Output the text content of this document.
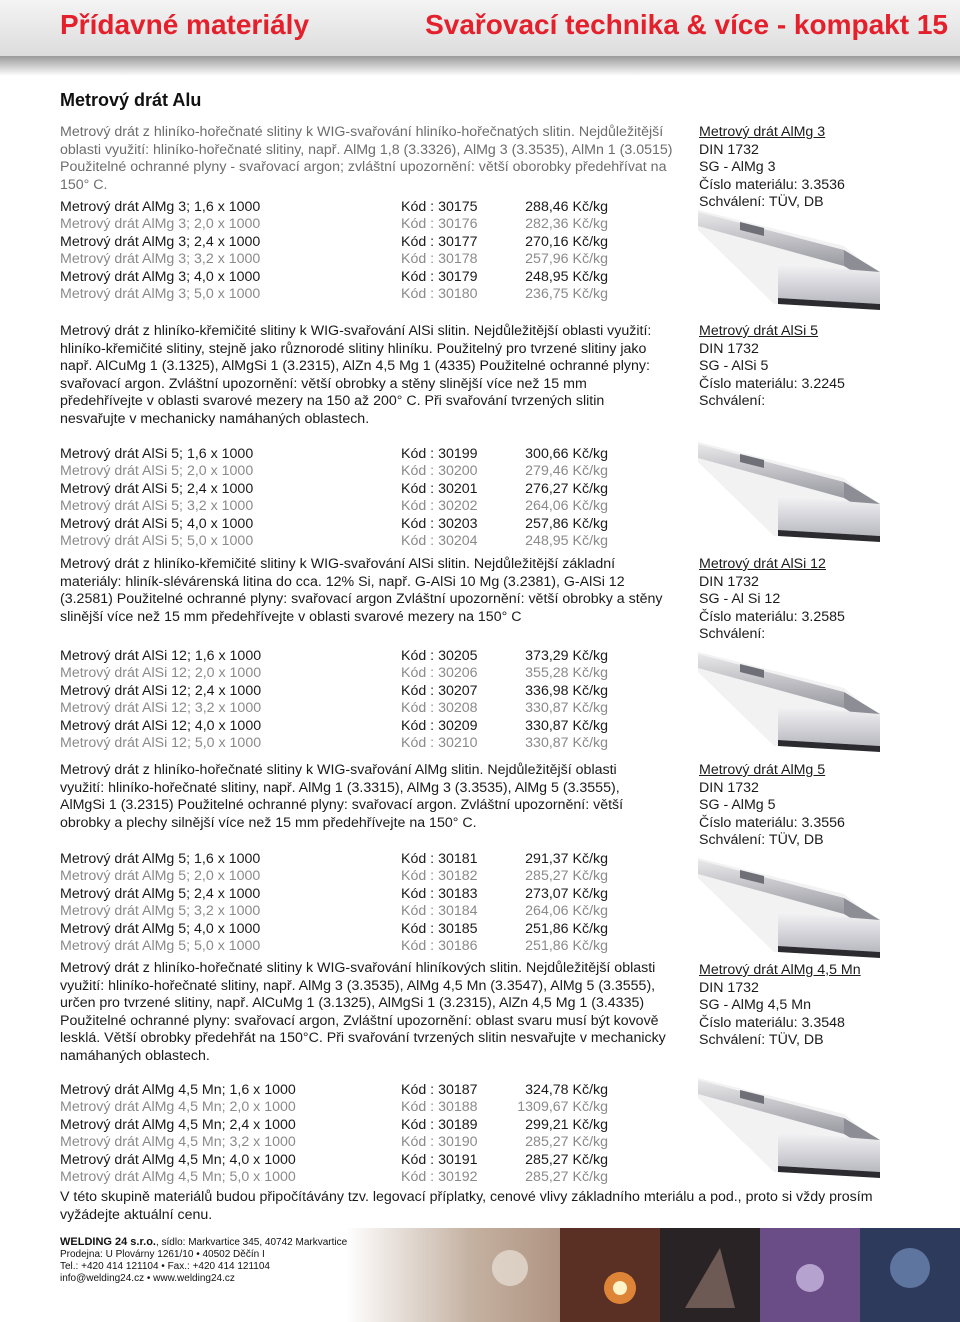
Přídavné materiály	Svařovací technika & více - kompakt 15
Metrový drát Alu
Metrový drát z hliníko-hořečnaté slitiny k WIG-svařování hliníko-hořečnatých slitin. Nejdůležitější oblasti využití: hliníko-hořečnaté slitiny, např. AlMg 1,8 (3.3326), AlMg 3 (3.3535), AlMn 1 (3.0515) Použitelné ochranné plyny - svařovací argon; zvláštní upozornění: větší oborobky předehřívat na 150° C.
Metrový drát AlMg 3; 1,6 x 1000	Kód : 30175	288,46 Kč/kg
Metrový drát AlMg 3; 2,0 x 1000	Kód : 30176	282,36 Kč/kg
Metrový drát AlMg 3; 2,4 x 1000	Kód : 30177	270,16 Kč/kg
Metrový drát AlMg 3; 3,2 x 1000	Kód : 30178	257,96 Kč/kg
Metrový drát AlMg 3; 4,0 x 1000	Kód : 30179	248,95 Kč/kg
Metrový drát AlMg 3; 5,0 x 1000	Kód : 30180	236,75 Kč/kg
Metrový drát AlMg 3
DIN 1732
SG - AlMg 3
Číslo materiálu: 3.3536
Schválení: TÜV, DB
Metrový drát z hliníko-křemičité slitiny k WIG-svařování AlSi slitin. Nejdůležitější oblasti využití: hliníko-křemičité slitiny, stejně jako různorodé slitiny hliníku. Použitelný pro tvrzené slitiny jako např. AlCuMg 1 (3.1325), AlMgSi 1 (3.2315), AlZn 4,5 Mg 1 (4335) Použitelné ochranné plyny: svařovací argon. Zvláštní upozornění: větší obrobky a stěny slinější více než 15 mm předehřívejte v oblasti svarové mezery na 150 až 200° C. Při svařování tvrzených slitin nesvařujte v mechanicky namáhaných oblastech.
Metrový drát AlSi 5; 1,6 x 1000	Kód : 30199	300,66 Kč/kg
Metrový drát AlSi 5; 2,0 x 1000	Kód : 30200	279,46 Kč/kg
Metrový drát AlSi 5; 2,4 x 1000	Kód : 30201	276,27 Kč/kg
Metrový drát AlSi 5; 3,2 x 1000	Kód : 30202	264,06 Kč/kg
Metrový drát AlSi 5; 4,0 x 1000	Kód : 30203	257,86 Kč/kg
Metrový drát AlSi 5; 5,0 x 1000	Kód : 30204	248,95 Kč/kg
Metrový drát AlSi 5
DIN 1732
SG - AlSi 5
Číslo materiálu: 3.2245
Schválení:
Metrový drát z hliníko-křemičité slitiny k WIG-svařování AlSi slitin. Nejdůležitější základní materiály: hliník-slévárenská litina do cca. 12% Si, např. G-AlSi 10 Mg (3.2381), G-AlSi 12 (3.2581) Použitelné ochranné plyny: svařovací argon Zvláštní upozornění: větší obrobky a stěny slinější více než 15 mm předehřívejte v oblasti svarové mezery na 150° C
Metrový drát AlSi 12; 1,6 x 1000	Kód : 30205	373,29 Kč/kg
Metrový drát AlSi 12; 2,0 x 1000	Kód : 30206	355,28 Kč/kg
Metrový drát AlSi 12; 2,4 x 1000	Kód : 30207	336,98 Kč/kg
Metrový drát AlSi 12; 3,2 x 1000	Kód : 30208	330,87 Kč/kg
Metrový drát AlSi 12; 4,0 x 1000	Kód : 30209	330,87 Kč/kg
Metrový drát AlSi 12; 5,0 x 1000	Kód : 30210	330,87 Kč/kg
Metrový drát AlSi 12
DIN 1732
SG - Al Si 12
Číslo materiálu: 3.2585
Schválení:
Metrový drát z hliníko-hořečnaté slitiny k WIG-svařování AlMg slitin. Nejdůležitější oblasti využití: hliníko-hořečnaté slitiny, např. AlMg 1 (3.3315), AlMg 3 (3.3535), AlMg 5 (3.3555), AlMgSi 1 (3.2315) Použitelné ochranné plyny: svařovací argon. Zvláštní upozornění: větší obrobky a plechy silnější více než 15 mm předehřívejte na 150° C.
Metrový drát AlMg 5; 1,6 x 1000	Kód : 30181	291,37 Kč/kg
Metrový drát AlMg 5; 2,0 x 1000	Kód : 30182	285,27 Kč/kg
Metrový drát AlMg 5; 2,4 x 1000	Kód : 30183	273,07 Kč/kg
Metrový drát AlMg 5; 3,2 x 1000	Kód : 30184	264,06 Kč/kg
Metrový drát AlMg 5; 4,0 x 1000	Kód : 30185	251,86 Kč/kg
Metrový drát AlMg 5; 5,0 x 1000	Kód : 30186	251,86 Kč/kg
Metrový drát AlMg 5
DIN 1732
SG - AlMg 5
Číslo materiálu: 3.3556
Schválení: TÜV, DB
Metrový drát z hliníko-hořečnaté slitiny k WIG-svařování hliníkových slitin. Nejdůležitější oblasti využití: hliníko-hořečnaté slitiny, např. AlMg 3 (3.3535), AlMg 4,5 Mn (3.3547), AlMg 5 (3.3555), určen pro tvrzené slitiny, např. AlCuMg 1 (3.1325), AlMgSi 1 (3.2315), AlZn 4,5 Mg 1 (3.4335) Použitelné ochranné plyny: svařovací argon, Zvláštní upozornění: oblast svaru musí být kovově lesklá. Větší obrobky předehřát na 150°C. Při svařování tvrzených slitin nesvařujte v mechanicky namáhaných oblastech.
Metrový drát AlMg 4,5 Mn; 1,6 x 1000	Kód : 30187	324,78 Kč/kg
Metrový drát AlMg 4,5 Mn; 2,0 x 1000	Kód : 30188	1309,67 Kč/kg
Metrový drát AlMg 4,5 Mn; 2,4 x 1000	Kód : 30189	299,21 Kč/kg
Metrový drát AlMg 4,5 Mn; 3,2 x 1000	Kód : 30190	285,27 Kč/kg
Metrový drát AlMg 4,5 Mn; 4,0 x 1000	Kód : 30191	285,27 Kč/kg
Metrový drát AlMg 4,5 Mn; 5,0 x 1000	Kód : 30192	285,27 Kč/kg
Metrový drát AlMg 4,5 Mn
DIN 1732
SG - AlMg 4,5 Mn
Číslo materiálu: 3.3548
Schválení: TÜV, DB
V této skupině materiálů budou připočítávány tzv. legovací příplatky, cenové vlivy základního mteriálu a pod., proto si vždy prosím vyžádejte aktuální cenu.
WELDING 24 s.r.o., sídlo: Markvartice 345, 40742 Markvartice
Prodejna: U Plovárny 1261/10 • 40502 Děčín I
Tel.: +420 414 121104 • Fax.: +420 414 121104
info@welding24.cz • www.welding24.cz
